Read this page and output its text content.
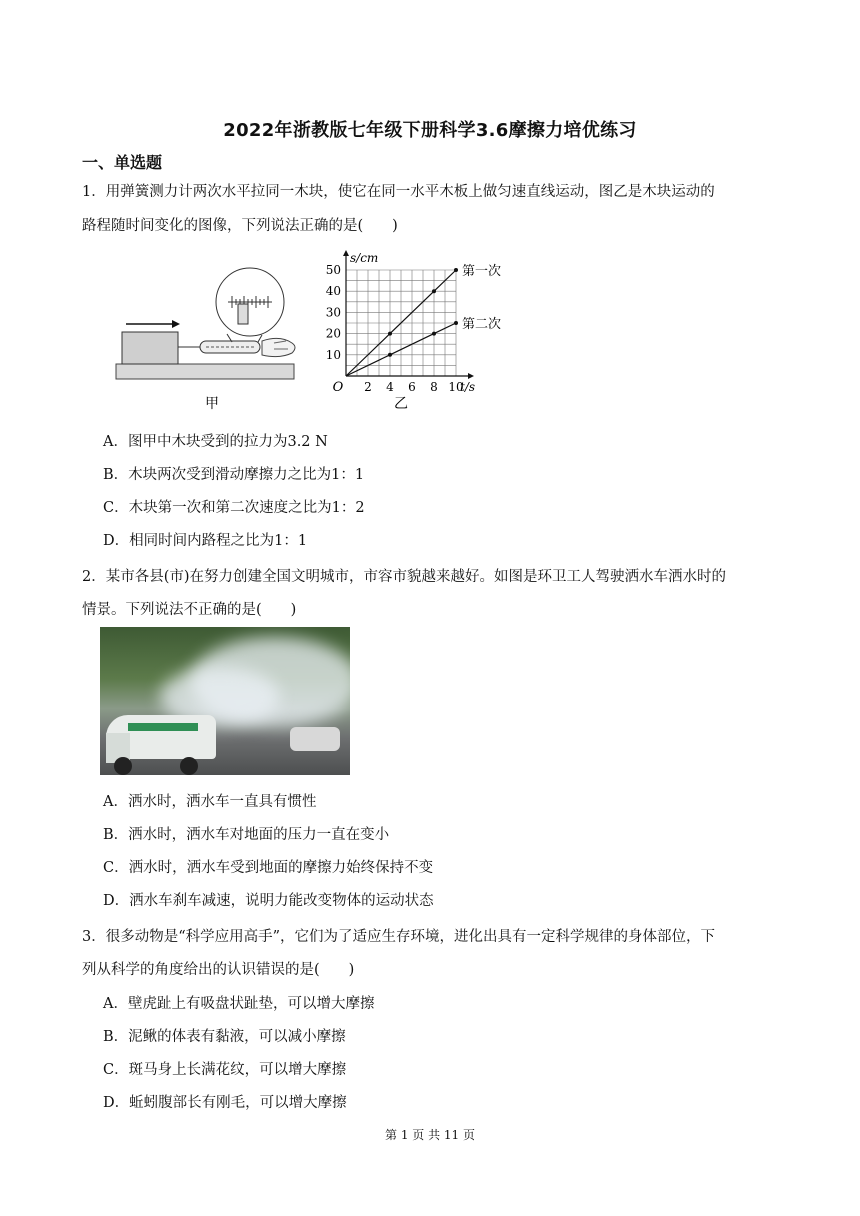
2022年浙教版七年级下册科学3.6摩擦力培优练习
一、单选题
1．用弹簧测力计两次水平拉同一木块，使它在同一水平木板上做匀速直线运动，图乙是木块运动的
路程随时间变化的图像，下列说法正确的是(　　)
甲
2 4 6 8 10
10
20
30
40
50
O
s/cm
t/s
第一次
第二次
乙
A．图甲中木块受到的拉力为3.2 N
B．木块两次受到滑动摩擦力之比为1：1
C．木块第一次和第二次速度之比为1：2
D．相同时间内路程之比为1：1
2．某市各县(市)在努力创建全国文明城市，市容市貌越来越好。如图是环卫工人驾驶洒水车洒水时的
情景。下列说法不正确的是(　　)
A．洒水时，洒水车一直具有惯性
B．洒水时，洒水车对地面的压力一直在变小
C．洒水时，洒水车受到地面的摩擦力始终保持不变
D．洒水车刹车减速，说明力能改变物体的运动状态
3．很多动物是“科学应用高手”，它们为了适应生存环境，进化出具有一定科学规律的身体部位，下
列从科学的角度给出的认识错误的是(　　)
A．壁虎趾上有吸盘状趾垫，可以增大摩擦
B．泥鳅的体表有黏液，可以减小摩擦
C．斑马身上长满花纹，可以增大摩擦
D．蚯蚓腹部长有刚毛，可以增大摩擦
第 1 页 共 11 页
